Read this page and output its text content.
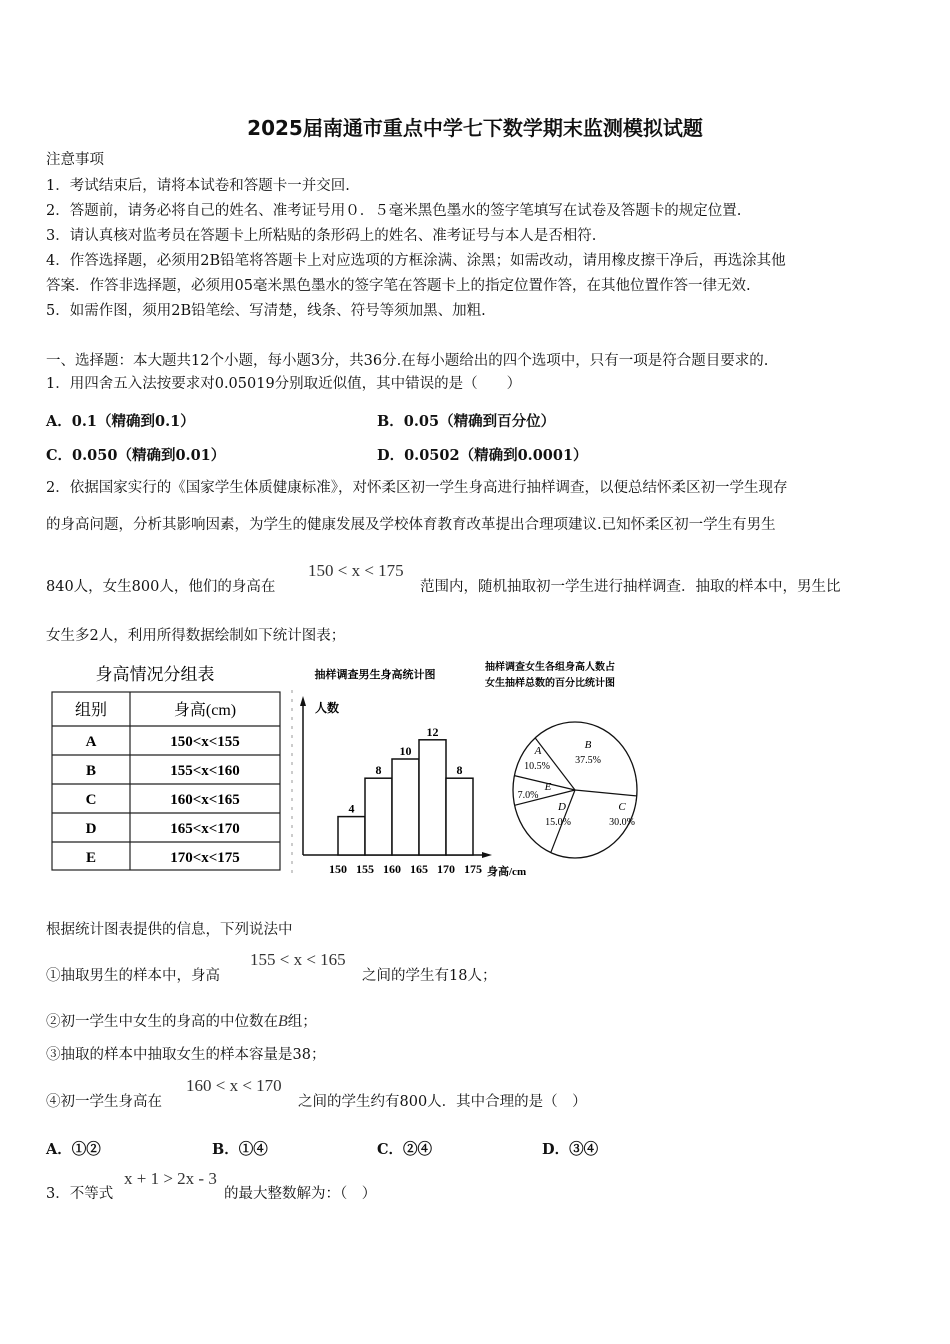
2025届南通市重点中学七下数学期末监测模拟试题
注意事项
1．考试结束后，请将本试卷和答题卡一并交回.
2．答题前，请务必将自己的姓名、准考证号用０．５毫米黑色墨水的签字笔填写在试卷及答题卡的规定位置.
3．请认真核对监考员在答题卡上所粘贴的条形码上的姓名、准考证号与本人是否相符.
4．作答选择题，必须用2B铅笔将答题卡上对应选项的方框涂满、涂黑；如需改动，请用橡皮擦干净后，再选涂其他
答案．作答非选择题，必须用05毫米黑色墨水的签字笔在答题卡上的指定位置作答，在其他位置作答一律无效.
5．如需作图，须用2B铅笔绘、写清楚，线条、符号等须加黑、加粗.
一、选择题：本大题共12个小题，每小题3分，共36分.在每小题给出的四个选项中，只有一项是符合题目要求的.
1．用四舍五入法按要求对0.05019分别取近似值，其中错误的是（　　）
A．0.1（精确到0.1）	B．0.05（精确到百分位）
C．0.050（精确到0.01）	D．0.0502（精确到0.0001）
2．依据国家实行的《国家学生体质健康标准》，对怀柔区初一学生身高进行抽样调查，以便总结怀柔区初一学生现存
的身高问题，分析其影响因素，为学生的健康发展及学校体育教育改革提出合理项建议.已知怀柔区初一学生有男生
840人，女生800人，他们的身高在
150 < x < 175
范围内，随机抽取初一学生进行抽样调查．抽取的样本中，男生比
女生多2人，利用所得数据绘制如下统计图表；
身高情况分组表
组别	身高(cm)
A	150<x<155
B	155<x<160
C	160<x<165
D	165<x<170
E	170<x<175
抽样调查男生身高统计图
人数
身高/cm
150 155 160 165 170 175
4
8
10
12
8
抽样调查女生各组身高人数占
女生抽样总数的百分比统计图
B
37.5%
C
30.0%
D
15.0%
E
7.0%
A
10.5%
根据统计图表提供的信息，下列说法中
①抽取男生的样本中，身高
155 < x < 165
之间的学生有18人；
②初一学生中女生的身高的中位数在B组；
③抽取的样本中抽取女生的样本容量是38；
④初一学生身高在
160 < x < 170
之间的学生约有800人．其中合理的是（　）
A．①②	B．①④	C．②④	D．③④
3．不等式
x + 1 > 2x - 3
的最大整数解为：（　）
